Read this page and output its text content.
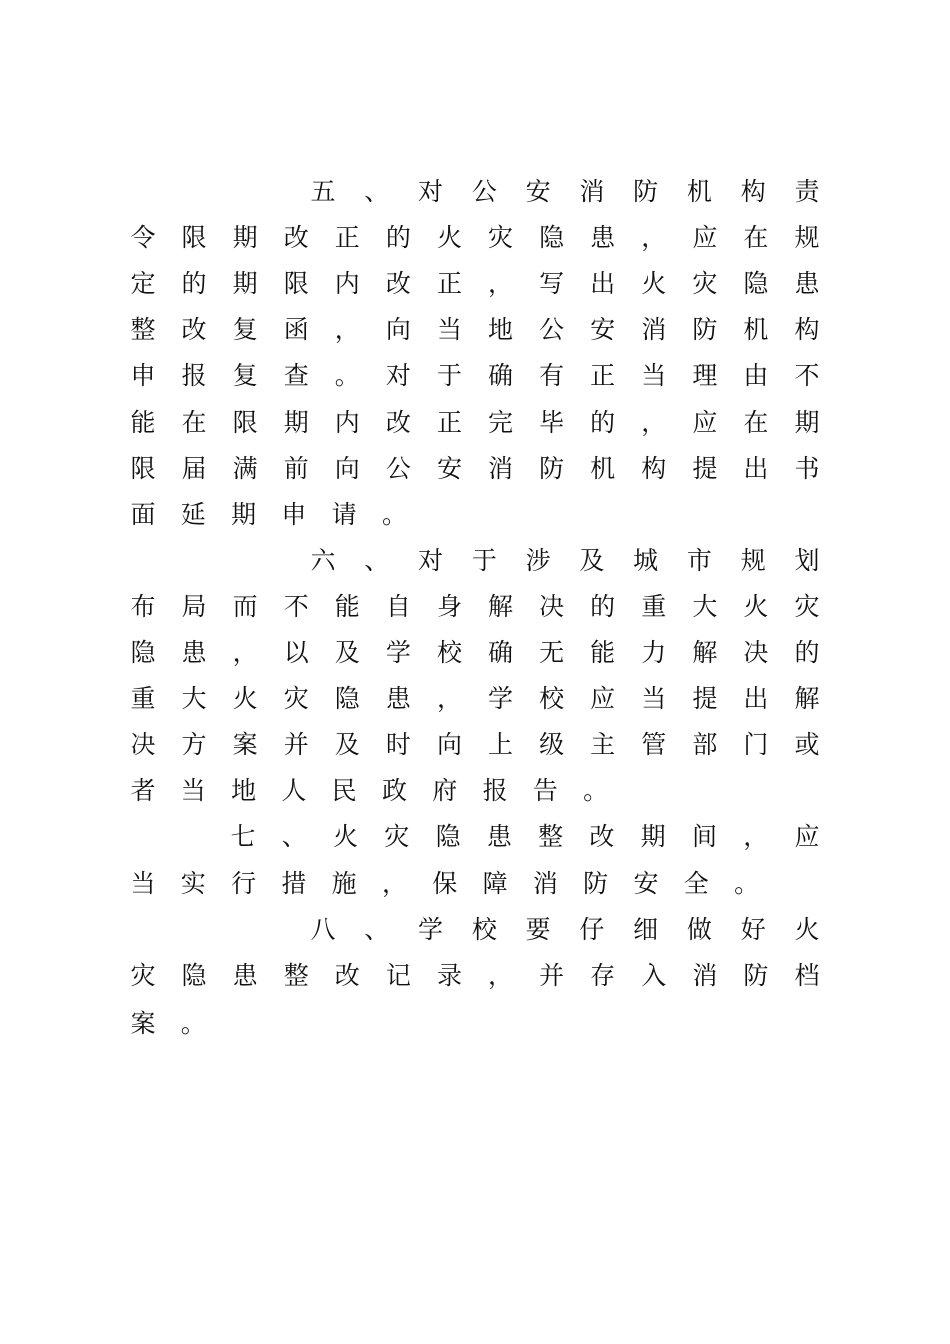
五 、 对 公 安 消 防 机 构 责
令 限 期 改 正 的 火 灾 隐 患 ， 应 在 规
定 的 期 限 内 改 正 ， 写 出 火 灾 隐 患
整 改 复 函 ， 向 当 地 公 安 消 防 机 构
申 报 复 查 。 对 于 确 有 正 当 理 由 不
能 在 限 期 内 改 正 完 毕 的 ， 应 在 期
限 届 满 前 向 公 安 消 防 机 构 提 出 书
面 延 期 申 请 。
六 、 对 于 涉 及 城 市 规 划
布 局 而 不 能 自 身 解 决 的 重 大 火 灾
隐 患 ， 以 及 学 校 确 无 能 力 解 决 的
重 大 火 灾 隐 患 ， 学 校 应 当 提 出 解
决 方 案 并 及 时 向 上 级 主 管 部 门 或
者 当 地 人 民 政 府 报 告 。
七 、 火 灾 隐 患 整 改 期 间 ， 应
当 实 行 措 施 ， 保 障 消 防 安 全 。
八 、 学 校 要 仔 细 做 好 火
灾 隐 患 整 改 记 录 ， 并 存 入 消 防 档
案 。
